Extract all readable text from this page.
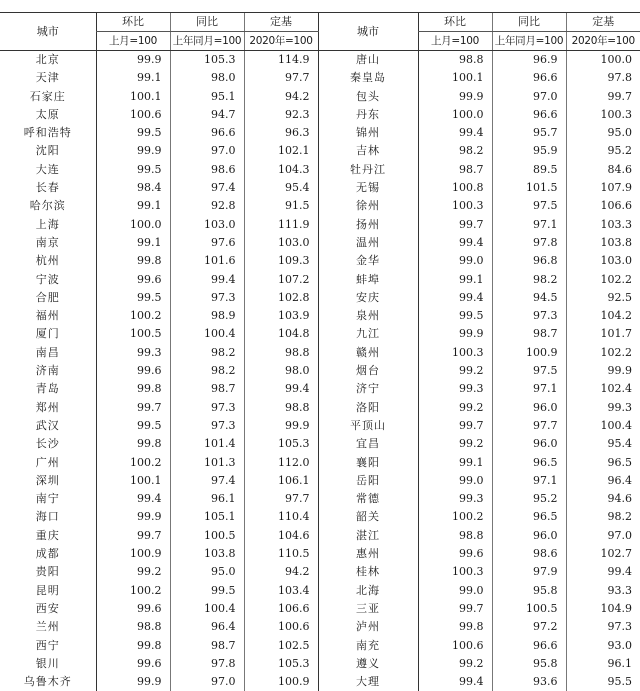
城市	环比	同比	定基	城市	环比	同比	定基
	上月=100	上年同月=100	2020年=100		上月=100	上年同月=100	2020年=100
北京	99.9	105.3	114.9	唐山	98.8	96.9	100.0
天津	99.1	98.0	97.7	秦皇岛	100.1	96.6	97.8
石家庄	100.1	95.1	94.2	包头	99.9	97.0	99.7
太原	100.6	94.7	92.3	丹东	100.0	96.6	100.3
呼和浩特	99.5	96.6	96.3	锦州	99.4	95.7	95.0
沈阳	99.9	97.0	102.1	吉林	98.2	95.9	95.2
大连	99.5	98.6	104.3	牡丹江	98.7	89.5	84.6
长春	98.4	97.4	95.4	无锡	100.8	101.5	107.9
哈尔滨	99.1	92.8	91.5	徐州	100.3	97.5	106.6
上海	100.0	103.0	111.9	扬州	99.7	97.1	103.3
南京	99.1	97.6	103.0	温州	99.4	97.8	103.8
杭州	99.8	101.6	109.3	金华	99.0	96.8	103.0
宁波	99.6	99.4	107.2	蚌埠	99.1	98.2	102.2
合肥	99.5	97.3	102.8	安庆	99.4	94.5	92.5
福州	100.2	98.9	103.9	泉州	99.5	97.3	104.2
厦门	100.5	100.4	104.8	九江	99.9	98.7	101.7
南昌	99.3	98.2	98.8	赣州	100.3	100.9	102.2
济南	99.6	98.2	98.0	烟台	99.2	97.5	99.9
青岛	99.8	98.7	99.4	济宁	99.3	97.1	102.4
郑州	99.7	97.3	98.8	洛阳	99.2	96.0	99.3
武汉	99.5	97.3	99.9	平顶山	99.7	97.7	100.4
长沙	99.8	101.4	105.3	宜昌	99.2	96.0	95.4
广州	100.2	101.3	112.0	襄阳	99.1	96.5	96.5
深圳	100.1	97.4	106.1	岳阳	99.0	97.1	96.4
南宁	99.4	96.1	97.7	常德	99.3	95.2	94.6
海口	99.9	105.1	110.4	韶关	100.2	96.5	98.2
重庆	99.7	100.5	104.6	湛江	98.8	96.0	97.0
成都	100.9	103.8	110.5	惠州	99.6	98.6	102.7
贵阳	99.2	95.0	94.2	桂林	100.3	97.9	99.4
昆明	100.2	99.5	103.4	北海	99.0	95.8	93.3
西安	99.6	100.4	106.6	三亚	99.7	100.5	104.9
兰州	98.8	96.4	100.6	泸州	99.8	97.2	97.3
西宁	99.8	98.7	102.5	南充	100.6	96.6	93.0
银川	99.6	97.8	105.3	遵义	99.2	95.8	96.1
乌鲁木齐	99.9	97.0	100.9	大理	99.4	93.6	95.5
